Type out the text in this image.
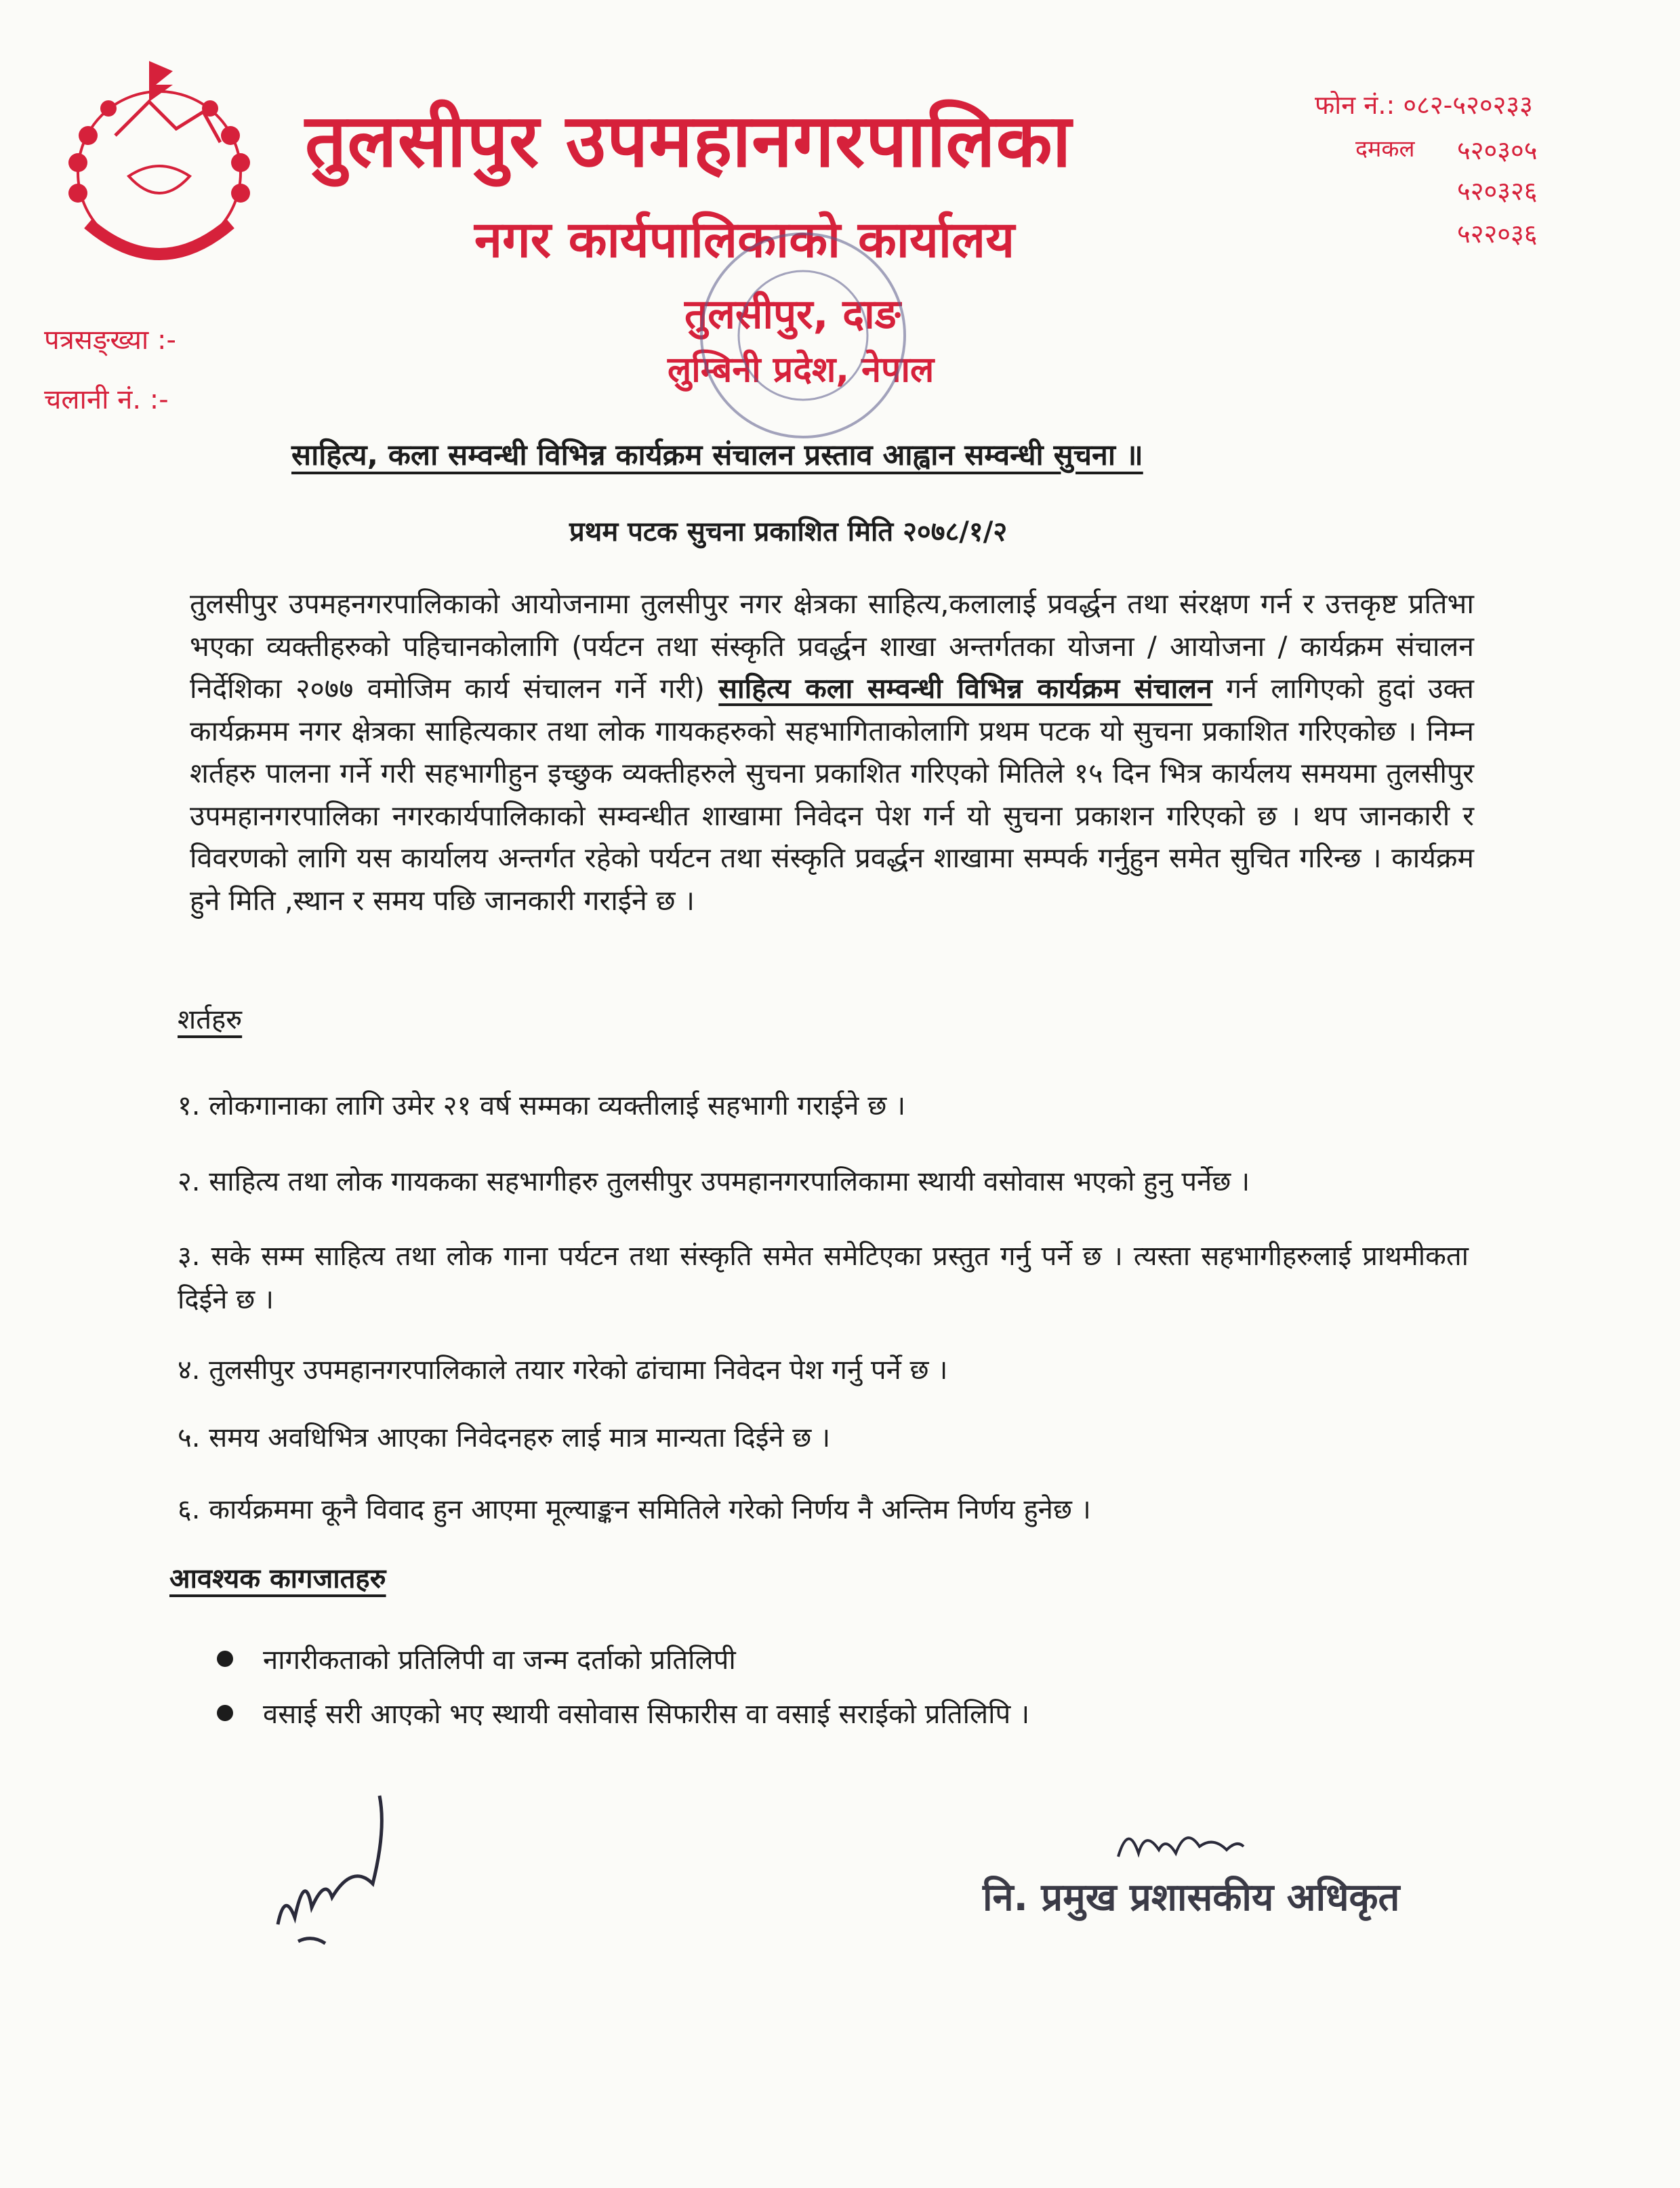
तुलसीपुर उपमहानगरपालिका
नगर कार्यपालिकाको कार्यालय
तुलसीपुर, दाङ
लुम्बिनी प्रदेश, नेपाल
फोन नं.: ०८२-५२०२३३
दमकल ५२०३०५
५२०३२६
५२२०३६
पत्रसङ्ख्या :-
चलानी नं. :-
साहित्य, कला सम्वन्धी विभिन्न कार्यक्रम संचालन प्रस्ताव आह्वान सम्वन्धी सुचना ॥
प्रथम पटक सुचना प्रकाशित मिति २०७८/१/२
तुलसीपुर उपमहनगरपालिकाको आयोजनामा तुलसीपुर नगर क्षेत्रका साहित्य,कलालाई प्रवर्द्धन तथा संरक्षण गर्न र उत्तकृष्ट प्रतिभा भएका व्यक्तीहरुको पहिचानकोलागि (पर्यटन तथा संस्कृति प्रवर्द्धन शाखा अन्तर्गतका योजना / आयोजना / कार्यक्रम संचालन निर्देशिका २०७७ वमोजिम कार्य संचालन गर्ने गरी) साहित्य कला सम्वन्धी विभिन्न कार्यक्रम संचालन गर्न लागिएको हुदां उक्त कार्यक्रमम नगर क्षेत्रका साहित्यकार तथा लोक गायकहरुको सहभागिताकोलागि प्रथम पटक यो सुचना प्रकाशित गरिएकोछ । निम्न शर्तहरु पालना गर्ने गरी सहभागीहुन इच्छुक व्यक्तीहरुले सुचना प्रकाशित गरिएको मितिले १५ दिन भित्र कार्यलय समयमा तुलसीपुर उपमहानगरपालिका नगरकार्यपालिकाको सम्वन्धीत शाखामा निवेदन पेश गर्न यो सुचना प्रकाशन गरिएको छ । थप जानकारी र विवरणको लागि यस कार्यालय अन्तर्गत रहेको पर्यटन तथा संस्कृति प्रवर्द्धन शाखामा सम्पर्क गर्नुहुन समेत सुचित गरिन्छ । कार्यक्रम हुने मिति ,स्थान र समय पछि जानकारी गराईने छ ।
शर्तहरु
१. लोकगानाका लागि उमेर २१ वर्ष सम्मका व्यक्तीलाई सहभागी गराईने छ ।
२. साहित्य तथा लोक गायकका सहभागीहरु तुलसीपुर उपमहानगरपालिकामा स्थायी वसोवास भएको हुनु पर्नेछ ।
३. सके सम्म साहित्य तथा लोक गाना पर्यटन तथा संस्कृति समेत समेटिएका प्रस्तुत गर्नु पर्ने छ । त्यस्ता सहभागीहरुलाई प्राथमीकता दिईने छ ।
४. तुलसीपुर उपमहानगरपालिकाले तयार गरेको ढांचामा निवेदन पेश गर्नु पर्ने छ ।
५. समय अवधिभित्र आएका निवेदनहरु लाई मात्र मान्यता दिईने छ ।
६. कार्यक्रममा कूनै विवाद हुन आएमा मूल्याङ्कन समितिले गरेको निर्णय नै अन्तिम निर्णय हुनेछ ।
आवश्यक कागजातहरु
नागरीकताको प्रतिलिपी वा जन्म दर्ताको प्रतिलिपी
वसाई सरी आएको भए स्थायी वसोवास सिफारीस वा वसाई सराईको प्रतिलिपि ।
नि. प्रमुख प्रशासकीय अधिकृत
